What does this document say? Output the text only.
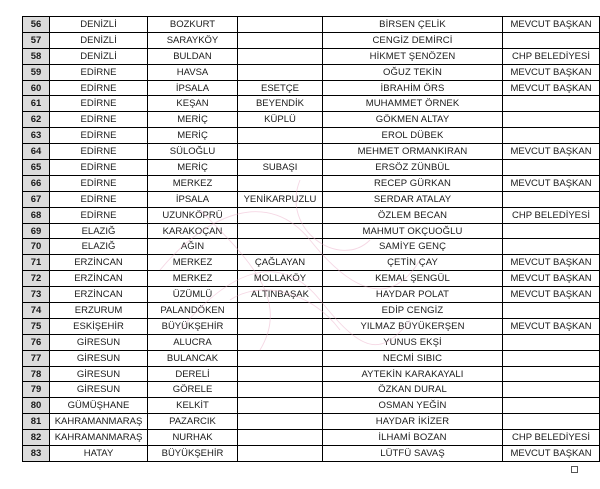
56	DENİZLİ	BOZKURT		BİRSEN ÇELİK	MEVCUT BAŞKAN
57	DENİZLİ	SARAYKÖY		CENGİZ DEMİRCİ	
58	DENİZLİ	BULDAN		HİKMET ŞENÖZEN	CHP BELEDİYESİ
59	EDİRNE	HAVSA		OĞUZ TEKİN	MEVCUT BAŞKAN
60	EDİRNE	İPSALA	ESETÇE	İBRAHİM ÖRS	MEVCUT BAŞKAN
61	EDİRNE	KEŞAN	BEYENDİK	MUHAMMET ÖRNEK	
62	EDİRNE	MERİÇ	KÜPLÜ	GÖKMEN ALTAY	
63	EDİRNE	MERİÇ		EROL DÜBEK	
64	EDİRNE	SÜLOĞLU		MEHMET ORMANKIRAN	MEVCUT BAŞKAN
65	EDİRNE	MERİÇ	SUBAŞI	ERSÖZ ZÜNBÜL	
66	EDİRNE	MERKEZ		RECEP GÜRKAN	MEVCUT BAŞKAN
67	EDİRNE	İPSALA	YENİKARPUZLU	SERDAR ATALAY	
68	EDİRNE	UZUNKÖPRÜ		ÖZLEM BECAN	CHP BELEDİYESİ
69	ELAZIĞ	KARAKOÇAN		MAHMUT OKÇUOĞLU	
70	ELAZIĞ	AĞIN		SAMİYE GENÇ	
71	ERZİNCAN	MERKEZ	ÇAĞLAYAN	ÇETİN ÇAY	MEVCUT BAŞKAN
72	ERZİNCAN	MERKEZ	MOLLAKÖY	KEMAL ŞENGÜL	MEVCUT BAŞKAN
73	ERZİNCAN	ÜZÜMLÜ	ALTINBAŞAK	HAYDAR POLAT	MEVCUT BAŞKAN
74	ERZURUM	PALANDÖKEN		EDİP CENGİZ	
75	ESKİŞEHİR	BÜYÜKŞEHİR		YILMAZ BÜYÜKERŞEN	MEVCUT BAŞKAN
76	GİRESUN	ALUCRA		YUNUS EKŞİ	
77	GİRESUN	BULANCAK		NECMİ SIBIC	
78	GİRESUN	DERELİ		AYTEKİN KARAKAYALI	
79	GİRESUN	GÖRELE		ÖZKAN DURAL	
80	GÜMÜŞHANE	KELKİT		OSMAN YEĞİN	
81	KAHRAMANMARAŞ	PAZARCIK		HAYDAR İKİZER	
82	KAHRAMANMARAŞ	NURHAK		İLHAMİ BOZAN	CHP BELEDİYESİ
83	HATAY	BÜYÜKŞEHİR		LÜTFÜ SAVAŞ	MEVCUT BAŞKAN
